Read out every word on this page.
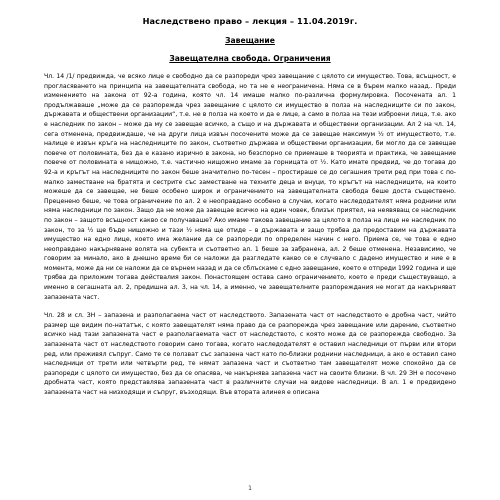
Наследствено право – лекция – 11.04.2019г.
Завещание
Завещателна свобода. Ограничения

Чл. 14 /1/ предвижда, че всяко лице е свободно да се разпореди чрез завещание с цялото си имущество. Това, всъщност, е прогласяването на принципа на завещателната свобода, но та не е неограничена. Няма се в бърем малко назад.. Преди изменението на закона от 92-а година, която чл. 14 имаше малко по-различна формулировка. Посочената ал. 1 продължаваше „може да се разпорежда чрез завещание с цялото си имущество в полза на наследниците си по закон, държавата и обществени организации“, т.е. не в полза на което и да е лице, а само в полза на тези изброени лица, т.е. ако е наследник по закон – може да му се завещае всичко, а също и на държавата и обществени организации. Ал 2 на чл. 14, сега отменена, предвиждаше, че на други лица извън посочените може да се завещае максимум ½ от имуществото, т.е. налице е извън кръга на наследниците по закон, съответно държава и обществени организации, би могло да се завещае повече от половината, без да е казано изрично в закона, но безспорно се приемаше в теорията и практика, че завещание повече от половината е нищожно, т.е. частично нищожно имаме за горницата от ½. Като имате предвид, че до тогава до 92-а и кръгът на наследниците по закон беше значително по-тесен – простираше се до сегашния трети ред при това с по-малко заместване на братята и сестрите със заместване на техните деца и внуци, то кръгът на наследниците, на които можеше да се завещае, не беше особено широк и ограничението на завещателната свобода беше доста съществено. Преценено беше, че това ограничение по ал. 2 е неоправдано особено в случаи, когато наследодателят няма роднини или няма наследници по закон. Защо да не може да завещае всичко на един човек, близък приятел, на неявяващ се наследник по закон – защото всъщност какво се получаваше? Ако имаме такова завещание за цялото в полза на лице не наследник по закон, то за ½ ще бъде нищожно и тази ½ няма ще отиде – в държавата и защо трябва да предоставим на държавата имущество на едно лице, което има желание да се разпореди по определен начин с него. Приема се, че това е едно неоправдано накърняване волята на субекта и съответно ал. 1 беше за забранена, ал. 2 беше отменена. Независимо, че говорим за минало, ако в днешно време би се наложи да разгледате какво се е случвало с дадено имущество и ние е в момента, може да ни се наложи да се върнем назад и да се сблъскаме с едно завещание, което е отпреди 1992 година и ще трябва да приложим тогава действалия закон. Понастоящем остава само ограничението, което е преди съществуващо, а именно в сегашната ал. 2, предишна ал. 3, на чл. 14, а именно, че завещателните разпореждания не могат да накърняват запазената част.

Чл. 28 и сл. ЗН – запазена и разполагаема част от наследството. Запазената част от наследството е дробна част, чийто размер ще видим по-нататък, с която завещателят няма право да се разпорежда чрез завещание или дарение, съответно всичко над тази запазената част е разполагаемата част от наследството, с която може да се разпорежда свободно. За запазената част от наследството говорим само тогава, когато наследодателят е оставил наследници от първи или втори ред, или преживял съпруг. Само те се ползват със запазена част като по-близки роднини наследници, а ако е оставил само наследници от трети или четвърти ред, те нямат запазена част и съответно там завещателят може спокойно да се разпореди с цялото си имущество, без да се опасява, че накърнява запазена част на своите близки. В чл. 29 ЗН е посочено дробната част, която представлява запазената част в различните случаи на видове наследници. В ал. 1 е предвидено запазената част на низходящи и съпруг, възходящи. Във втората алинея е описана

1
